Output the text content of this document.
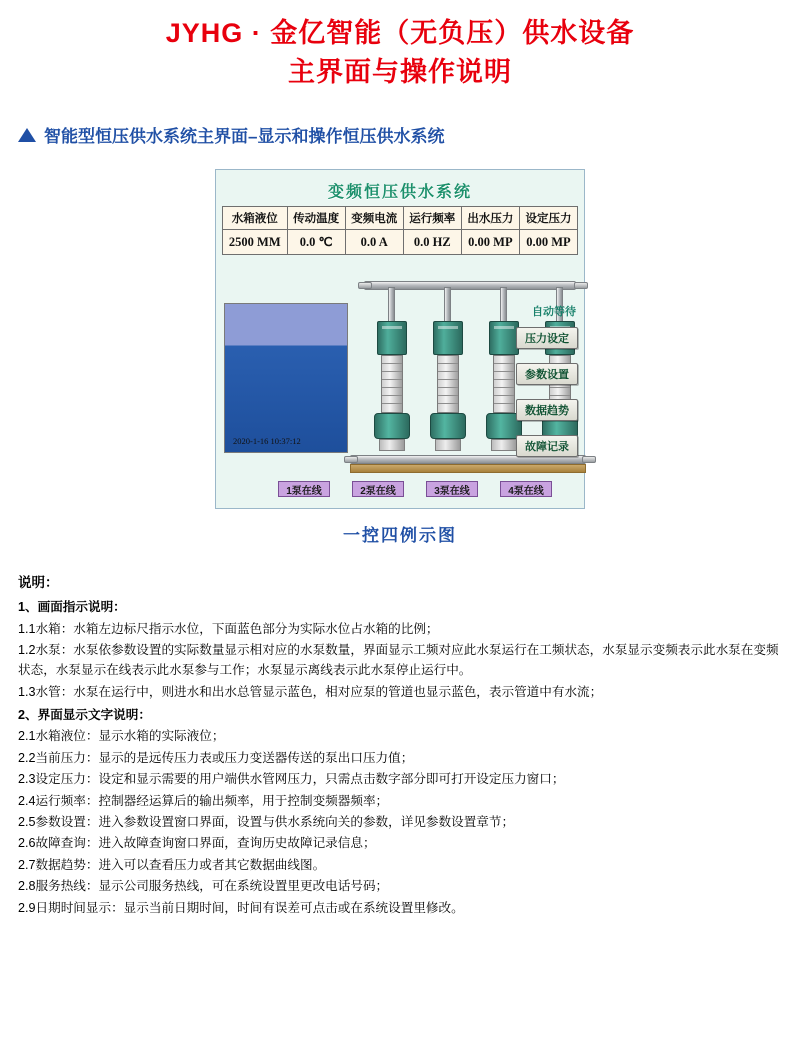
JYHG · 金亿智能（无负压）供水设备
主界面与操作说明
智能型恒压供水系统主界面–显示和操作恒压供水系统
变频恒压供水系统
水箱液位	传动温度	变频电流	运行频率	出水压力	设定压力
2500 MM	0.0 ℃	0.0 A	0.0 HZ	0.00 MP	0.00 MP
2020-1-16 10:37:12
自动等待
压力设定
参数设置
数据趋势
故障记录
1泵在线	2泵在线	3泵在线	4泵在线
一控四例示图
说明：
1、画面指示说明：

1.1水箱：水箱左边标尺指示水位，下面蓝色部分为实际水位占水箱的比例；

1.2水泵：水泵依参数设置的实际数量显示相对应的水泵数量，界面显示工频对应此水泵运行在工频状态，水泵显示变频表示此水泵在变频状态，水泵显示在线表示此水泵参与工作；水泵显示离线表示此水泵停止运行中。

1.3水管：水泵在运行中，则进水和出水总管显示蓝色，相对应泵的管道也显示蓝色，表示管道中有水流；

2、界面显示文字说明：

2.1水箱液位：显示水箱的实际液位；

2.2当前压力：显示的是远传压力表或压力变送器传送的泵出口压力值；

2.3设定压力：设定和显示需要的用户端供水管网压力，只需点击数字部分即可打开设定压力窗口；

2.4运行频率：控制器经运算后的输出频率，用于控制变频器频率；

2.5参数设置：进入参数设置窗口界面，设置与供水系统向关的参数，详见参数设置章节；

2.6故障查询：进入故障查询窗口界面，查询历史故障记录信息；

2.7数据趋势：进入可以查看压力或者其它数据曲线图。

2.8服务热线：显示公司服务热线，可在系统设置里更改电话号码；

2.9日期时间显示：显示当前日期时间，时间有误差可点击或在系统设置里修改。
